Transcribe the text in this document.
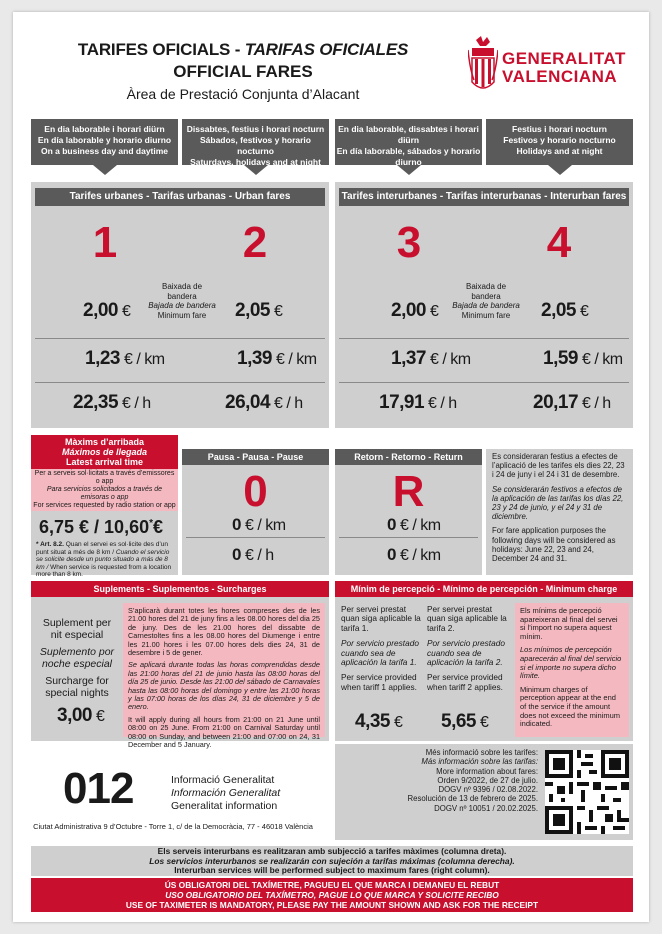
TARIFES OFICIALS - TARIFAS OFICIALES
OFFICIAL FARES
Àrea de Prestació Conjunta d’Alacant
GENERALITAT
VALENCIANA
En dia laborable i horari diürn
En día laborable y horario diurno
On a business day and daytime
Dissabtes, festius i horari nocturn
Sábados, festivos y horario nocturno
Saturdays, holidays and at night
En dia laborable, dissabtes i horari diürn
En día laborable, sábados y horario diurno
On a business day, Saturdays and
Festius i horari nocturn
Festivos y horario nocturno
Holidays and at night
Tarifes urbanes - Tarifas urbanas - Urban fares	Tarifes interurbanes - Tarifas interurbanas - Interurban fares
1	2	3	4
Baixada de bandera
Bajada de bandera
Minimum fare
Baixada de bandera
Bajada de bandera
Minimum fare
2,00 €	2,05 €	2,00 €	2,05 €
1,23 € / km	1,39 € / km	1,37 € / km	1,59 € / km
22,35 € / h	26,04 € / h	17,91 € / h	20,17 € / h
Màxims d’arribada
Máximos de llegada
Latest arrival time
Per a serveis sol·licitats a través d’emissores o app
Para servicios solicitados a través de emisoras o app
For services requested by radio station or app
6,75 € / 10,60*€
* Art. 8.2. Quan el servei es sol·licite des d’un punt situat a més de 8 km / Cuando el servicio se solicite desde un punto situado a más de 8 km / When service is requested from a location more than 8 km.
Pausa - Pausa - Pause
0
0 € / km
0 € / h
Retorn - Retorno - Return
R
0 € / km
0 € / km
Es consideraran festius a efectes de l’aplicació de les tarifes els dies 22, 23 i 24 de juny i el 24 i 31 de desembre.
Se considerarán festivos a efectos de la aplicación de las tarifas los días 22, 23 y 24 de junio, y el 24 y 31 de diciembre.
For fare application purposes the following days will be considered as holidays: June 22, 23 and 24, December 24 and 31.
Suplements - Suplementos - Surcharges
Suplement per nit especial
Suplemento por noche especial
Surcharge for special nights
3,00 €
S’aplicarà durant totes les hores compreses des de les 21.00 hores del 21 de juny fins a les 08.00 hores del dia 25 de juny. Des de les 21.00 hores del dissabte de Carnestoltes fins a les 08.00 hores del Diumenge i entre les 21.00 hores i les 07.00 hores dels dies 24, 31 de desembre i 5 de gener.
Se aplicará durante todas las horas comprendidas desde las 21:00 horas del 21 de junio hasta las 08:00 horas del día 25 de junio. Desde las 21:00 del sábado de Carnavales hasta las 08:00 horas del domingo y entre las 21:00 horas y las 07:00 horas de los días 24, 31 de diciembre y 5 de enero.
It will apply during all hours from 21:00 on 21 June until 08:00 on 25 June. From 21:00 on Carnival Saturday until 08:00 on Sunday, and between 21:00 and 07:00 on 24, 31 December and 5 January.
Mínim de percepció - Mínimo de percepción - Minimum charge
Per servei prestat quan siga aplicable la tarifa 1.
Por servicio prestado cuando sea de aplicación la tarifa 1.
Per service provided when tariff 1 applies.
Per servei prestat quan siga aplicable la tarifa 2.
Por servicio prestado cuando sea de aplicación la tarifa 2.
Per service provided when tariff 2 applies.
4,35 € 5,65 €
Els mínims de percepció apareixeran al final del servei si l’import no supera aquest mínim.
Los mínimos de percepción aparecerán al final del servicio si el importe no supera dicho límite.
Minimum charges of perception appear at the end of the service if the amount does not exceed the minimum indicated.
012	Informació Generalitat
Información Generalitat
Generalitat information
Ciutat Administrativa 9 d’Octubre - Torre 1, c/ de la Democràcia, 77 - 46018 València
Més informació sobre les tarifes:
Más información sobre las tarifas:
More information about fares:
Orden 9/2022, de 27 de julio.
DOGV nº 9396 / 02.08.2022.
Resolución de 13 de febrero de 2025.
DOGV nº 10051 / 20.02.2025.
Els serveis interurbans es realitzaran amb subjecció a tarifes màximes (columna dreta).
Los servicios interurbanos se realizarán con sujeción a tarifas máximas (columna derecha).
Interurban services will be performed subject to maximum fares (right column).
ÚS OBLIGATORI DEL TAXÍMETRE, PAGUEU EL QUE MARCA I DEMANEU EL REBUT
USO OBLIGATORIO DEL TAXÍMETRO, PAGUE LO QUE MARCA Y SOLICITE RECIBO
USE OF TAXIMETER IS MANDATORY, PLEASE PAY THE AMOUNT SHOWN AND ASK FOR THE RECEIPT
